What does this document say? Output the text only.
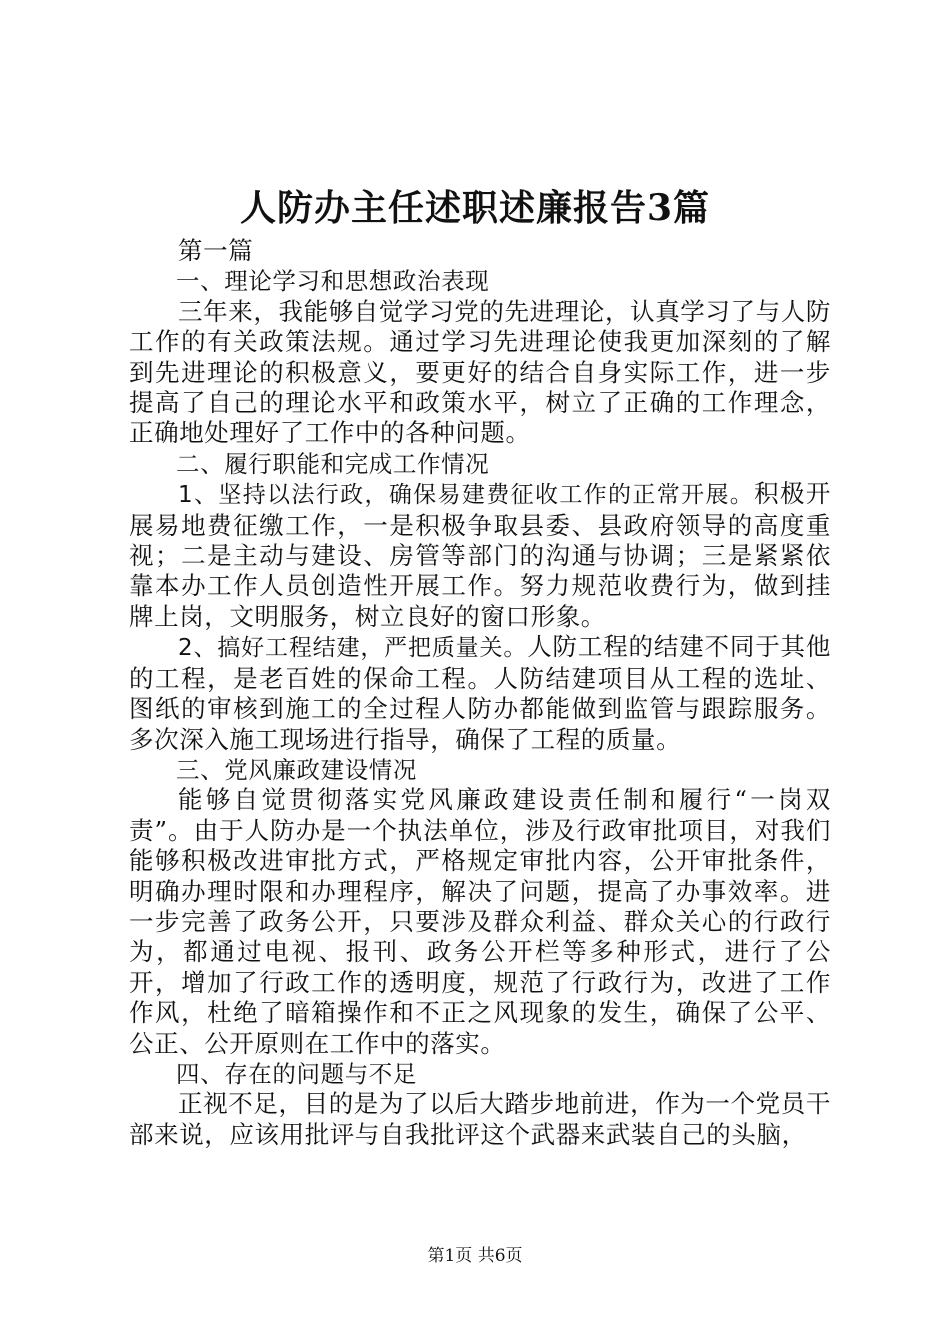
人防办主任述职述廉报告3篇

第一篇

一、理论学习和思想政治表现

三年来，我能够自觉学习党的先进理论，认真学习了与人防工作的有关政策法规。通过学习先进理论使我更加深刻的了解到先进理论的积极意义，要更好的结合自身实际工作，进一步提高了自己的理论水平和政策水平，树立了正确的工作理念，正确地处理好了工作中的各种问题。

二、履行职能和完成工作情况

1、坚持以法行政，确保易建费征收工作的正常开展。积极开展易地费征缴工作，一是积极争取县委、县政府领导的高度重视；二是主动与建设、房管等部门的沟通与协调；三是紧紧依靠本办工作人员创造性开展工作。努力规范收费行为，做到挂牌上岗，文明服务，树立良好的窗口形象。

2、搞好工程结建，严把质量关。人防工程的结建不同于其他的工程，是老百姓的保命工程。人防结建项目从工程的选址、图纸的审核到施工的全过程人防办都能做到监管与跟踪服务。多次深入施工现场进行指导，确保了工程的质量。

三、党风廉政建设情况

能够自觉贯彻落实党风廉政建设责任制和履行“一岗双责”。由于人防办是一个执法单位，涉及行政审批项目，对我们能够积极改进审批方式，严格规定审批内容，公开审批条件，明确办理时限和办理程序，解决了问题，提高了办事效率。进一步完善了政务公开，只要涉及群众利益、群众关心的行政行为，都通过电视、报刊、政务公开栏等多种形式，进行了公开，增加了行政工作的透明度，规范了行政行为，改进了工作作风，杜绝了暗箱操作和不正之风现象的发生，确保了公平、公正、公开原则在工作中的落实。

四、存在的问题与不足

正视不足，目的是为了以后大踏步地前进，作为一个党员干部来说，应该用批评与自我批评这个武器来武装自己的头脑，

第1页 共6页
